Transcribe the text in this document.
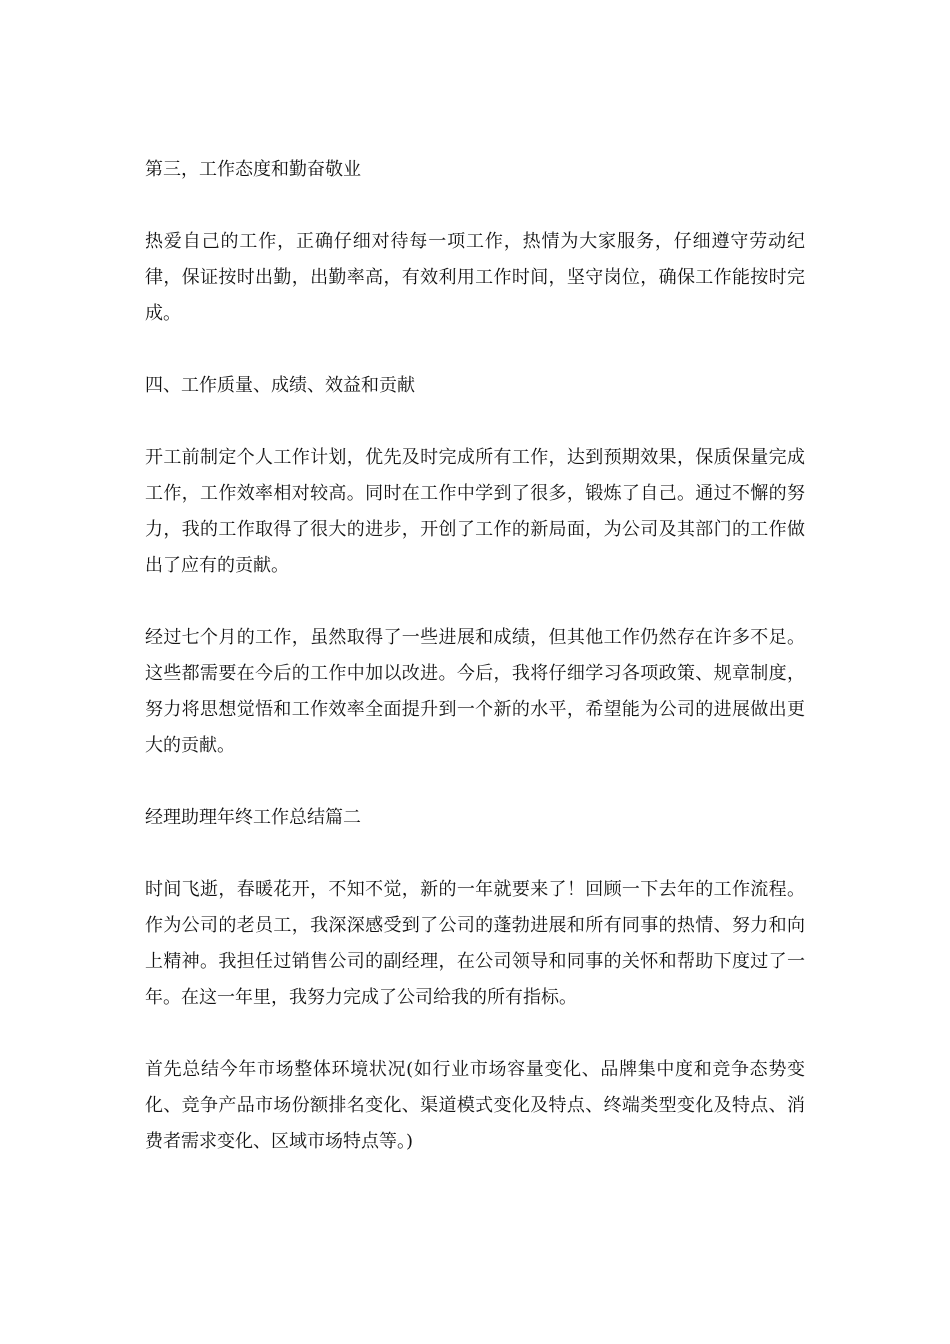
第三，工作态度和勤奋敬业

热爱自己的工作，正确仔细对待每一项工作，热情为大家服务，仔细遵守劳动纪律，保证按时出勤，出勤率高，有效利用工作时间，坚守岗位，确保工作能按时完成。

四、工作质量、成绩、效益和贡献

开工前制定个人工作计划，优先及时完成所有工作，达到预期效果，保质保量完成工作，工作效率相对较高。同时在工作中学到了很多，锻炼了自己。通过不懈的努力，我的工作取得了很大的进步，开创了工作的新局面，为公司及其部门的工作做出了应有的贡献。

经过七个月的工作，虽然取得了一些进展和成绩，但其他工作仍然存在许多不足。这些都需要在今后的工作中加以改进。今后，我将仔细学习各项政策、规章制度，努力将思想觉悟和工作效率全面提升到一个新的水平，希望能为公司的进展做出更大的贡献。

经理助理年终工作总结篇二

时间飞逝，春暖花开，不知不觉，新的一年就要来了！回顾一下去年的工作流程。作为公司的老员工，我深深感受到了公司的蓬勃进展和所有同事的热情、努力和向上精神。我担任过销售公司的副经理，在公司领导和同事的关怀和帮助下度过了一年。在这一年里，我努力完成了公司给我的所有指标。

首先总结今年市场整体环境状况(如行业市场容量变化、品牌集中度和竞争态势变化、竞争产品市场份额排名变化、渠道模式变化及特点、终端类型变化及特点、消费者需求变化、区域市场特点等。)
